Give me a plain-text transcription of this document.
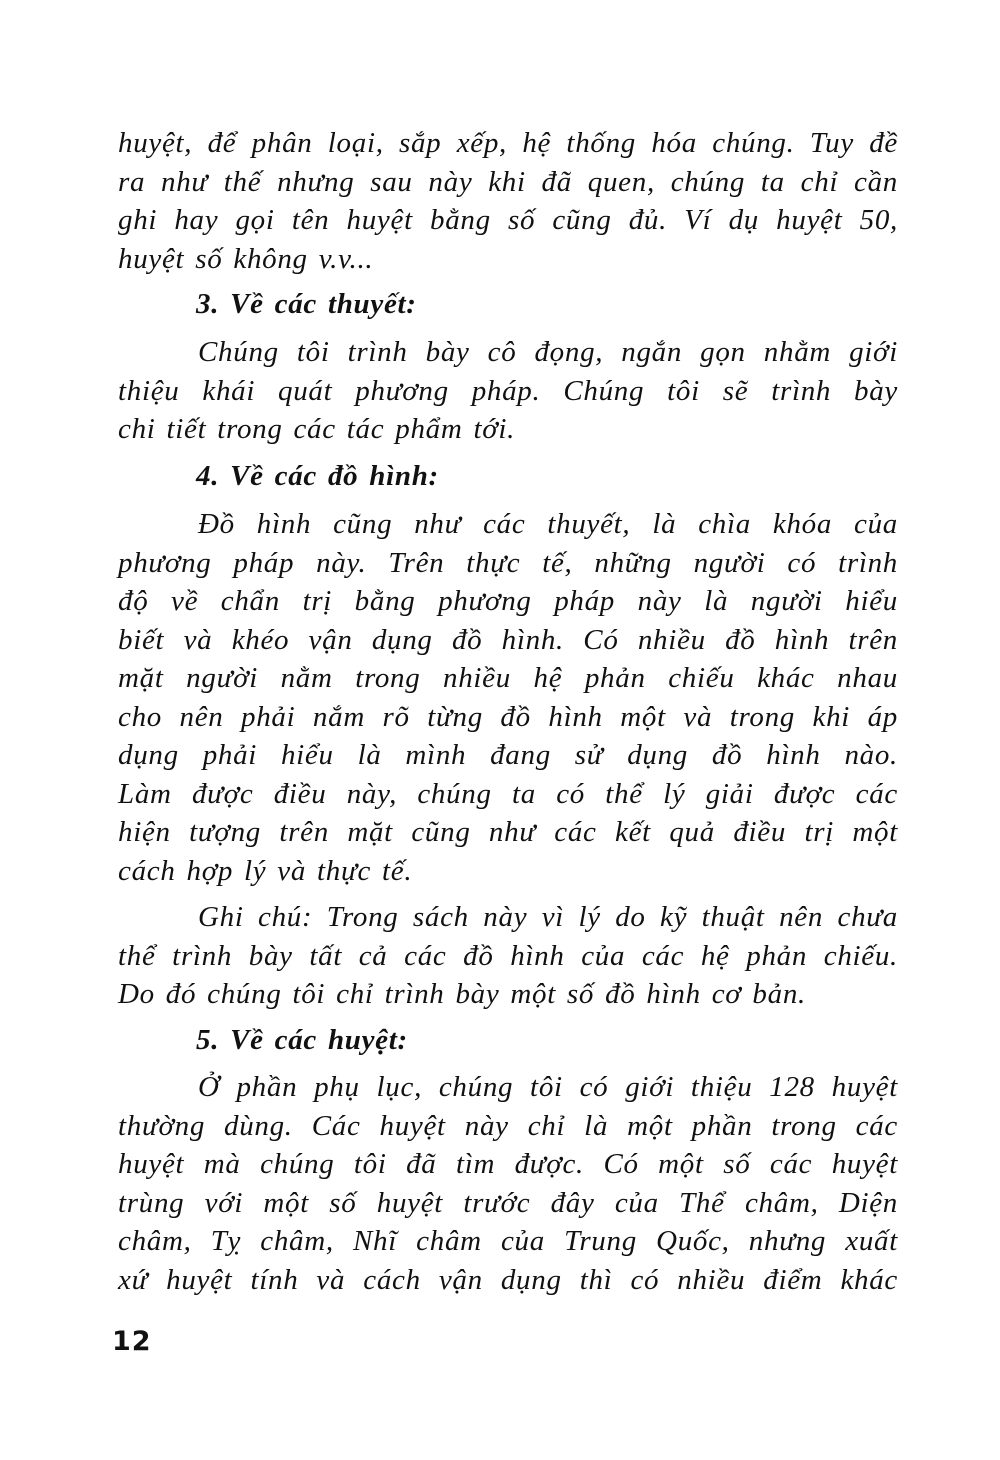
huyệt, để phân loại, sắp xếp, hệ thống hóa chúng. Tuy đề
ra như thế nhưng sau này khi đã quen, chúng ta chỉ cần
ghi hay gọi tên huyệt bằng số cũng đủ. Ví dụ huyệt 50,
huyệt số không v.v...
3. Về các thuyết:
Chúng tôi trình bày cô đọng, ngắn gọn nhằm giới
thiệu khái quát phương pháp. Chúng tôi sẽ trình bày
chi tiết trong các tác phẩm tới.
4. Về các đồ hình:
Đồ hình cũng như các thuyết, là chìa khóa của
phương pháp này. Trên thực tế, những người có trình
độ về chẩn trị bằng phương pháp này là người hiểu
biết và khéo vận dụng đồ hình. Có nhiều đồ hình trên
mặt người nằm trong nhiều hệ phản chiếu khác nhau
cho nên phải nắm rõ từng đồ hình một và trong khi áp
dụng phải hiểu là mình đang sử dụng đồ hình nào.
Làm được điều này, chúng ta có thể lý giải được các
hiện tượng trên mặt cũng như các kết quả điều trị một
cách hợp lý và thực tế.
Ghi chú: Trong sách này vì lý do kỹ thuật nên chưa
thể trình bày tất cả các đồ hình của các hệ phản chiếu.
Do đó chúng tôi chỉ trình bày một số đồ hình cơ bản.
5. Về các huyệt:
Ở phần phụ lục, chúng tôi có giới thiệu 128 huyệt
thường dùng. Các huyệt này chỉ là một phần trong các
huyệt mà chúng tôi đã tìm được. Có một số các huyệt
trùng với một số huyệt trước đây của Thể châm, Diện
châm, Tỵ châm, Nhĩ châm của Trung Quốc, nhưng xuất
xứ huyệt tính và cách vận dụng thì có nhiều điểm khác
12
